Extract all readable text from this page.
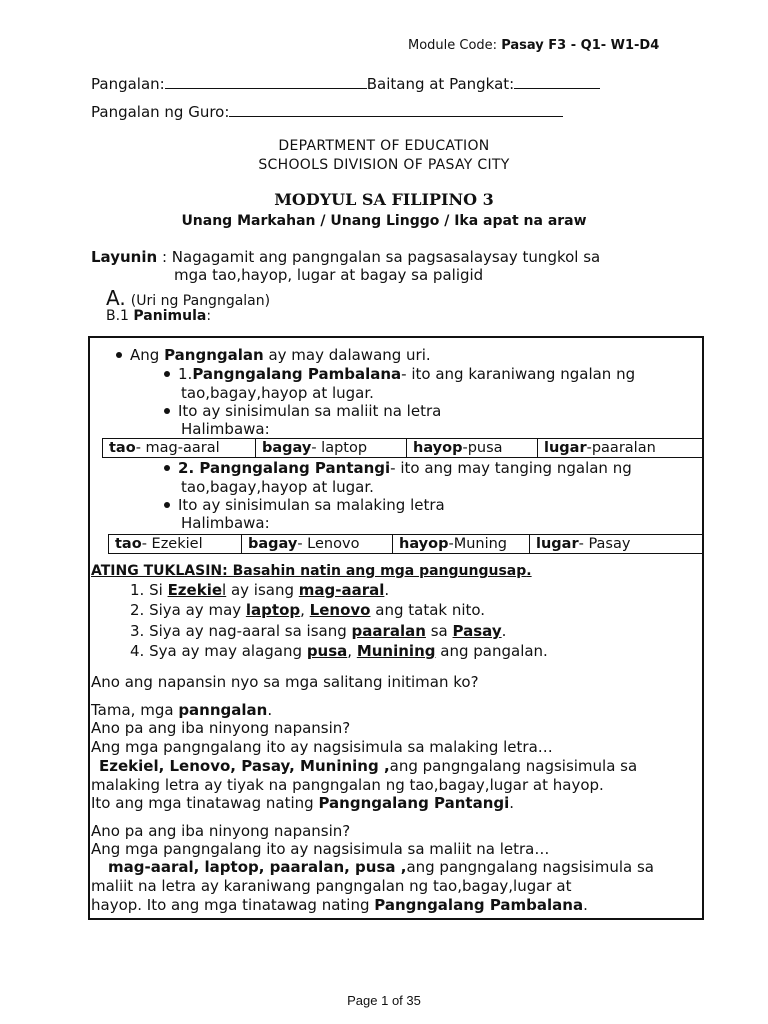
Module Code: Pasay F3 - Q1- W1-D4
Pangalan:	Baitang at Pangkat:
Pangalan ng Guro:
DEPARTMENT OF EDUCATION
SCHOOLS DIVISION OF PASAY CITY
MODYUL SA FILIPINO 3
Unang Markahan / Unang Linggo / Ika apat na araw
Layunin : Nagagamit ang pangngalan sa pagsasalaysay tungkol sa
mga tao,hayop, lugar at bagay sa paligid
A. (Uri ng Pangngalan)
B.1 Panimula:
Ang Pangngalan ay may dalawang uri.
1.Pangngalang Pambalana- ito ang karaniwang ngalan ng
tao,bagay,hayop at lugar.
Ito ay sinisimulan sa maliit na letra
Halimbawa:
tao- mag-aaral	bagay- laptop	hayop-pusa	lugar-paaralan
2. Pangngalang Pantangi- ito ang may tanging ngalan ng
tao,bagay,hayop at lugar.
Ito ay sinisimulan sa malaking letra
Halimbawa:
tao- Ezekiel	bagay- Lenovo	hayop-Muning	lugar- Pasay
ATING TUKLASIN: Basahin natin ang mga pangungusap.
1. Si Ezekiel ay isang mag-aaral.
2. Siya ay may laptop, Lenovo ang tatak nito.
3. Siya ay nag-aaral sa isang paaralan sa Pasay.
4. Sya ay may alagang pusa, Munining ang pangalan.
Ano ang napansin nyo sa mga salitang initiman ko?
Tama, mga panngalan.
Ano pa ang iba ninyong napansin?
Ang mga pangngalang ito ay nagsisimula sa malaking letra…
Ezekiel, Lenovo, Pasay, Munining ,ang pangngalang nagsisimula sa
malaking letra ay tiyak na pangngalan ng tao,bagay,lugar at hayop.
Ito ang mga tinatawag nating Pangngalang Pantangi.
Ano pa ang iba ninyong napansin?
Ang mga pangngalang ito ay nagsisimula sa maliit na letra…
mag-aaral, laptop, paaralan, pusa ,ang pangngalang nagsisimula sa
maliit na letra ay karaniwang pangngalan ng tao,bagay,lugar at
hayop. Ito ang mga tinatawag nating Pangngalang Pambalana.
Page 1 of 35
